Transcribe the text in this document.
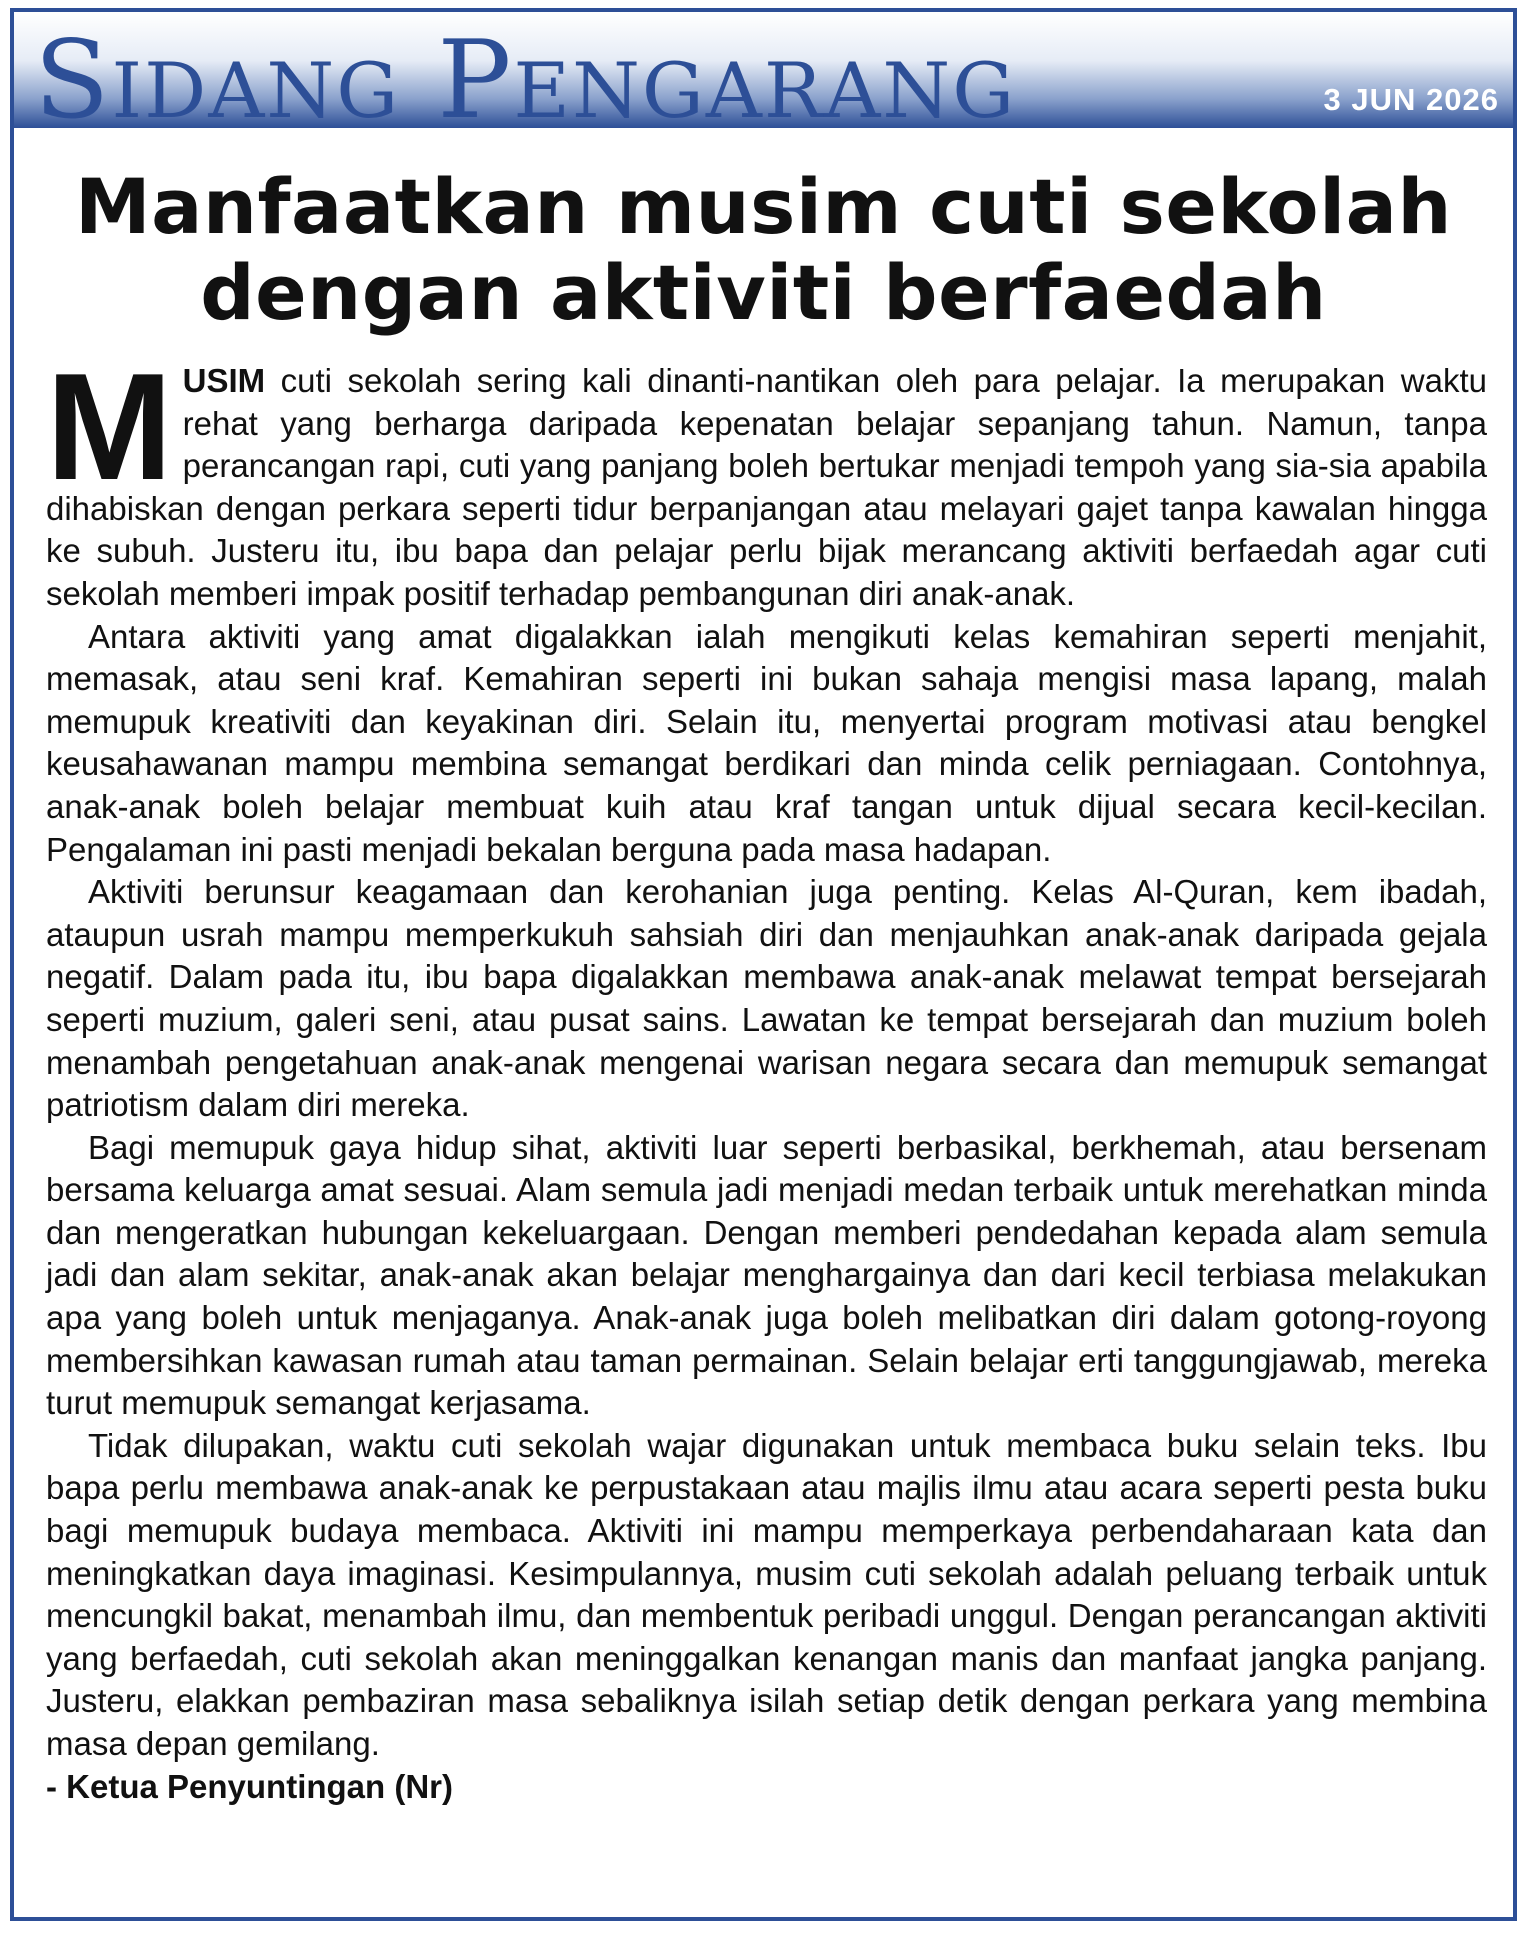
Sidang Pengarang	3 JUN 2026
Manfaatkan musim cuti sekolah
dengan aktiviti berfaedah

MUSIM cuti sekolah sering kali dinanti-nantikan oleh para pelajar. Ia merupakan waktu rehat yang berharga daripada kepenatan belajar sepanjang tahun. Namun, tanpa perancangan rapi, cuti yang panjang boleh bertukar menjadi tempoh yang sia-sia apabila dihabiskan dengan perkara seperti tidur berpanjangan atau melayari gajet tanpa kawalan hingga ke subuh. Justeru itu, ibu bapa dan pelajar perlu bijak merancang aktiviti berfaedah agar cuti sekolah memberi impak positif terhadap pembangunan diri anak-anak.

Antara aktiviti yang amat digalakkan ialah mengikuti kelas kemahiran seperti menjahit, memasak, atau seni kraf. Kemahiran seperti ini bukan sahaja mengisi masa lapang, malah memupuk kreativiti dan keyakinan diri. Selain itu, menyertai program motivasi atau bengkel keusahawanan mampu membina semangat berdikari dan minda celik perniagaan. Contohnya, anak-anak boleh belajar membuat kuih atau kraf tangan untuk dijual secara kecil-kecilan. Pengalaman ini pasti menjadi bekalan berguna pada masa hadapan.

Aktiviti berunsur keagamaan dan kerohanian juga penting. Kelas Al-Quran, kem ibadah, ataupun usrah mampu memperkukuh sahsiah diri dan menjauhkan anak-anak daripada gejala negatif. Dalam pada itu, ibu bapa digalakkan membawa anak-anak melawat tempat bersejarah seperti muzium, galeri seni, atau pusat sains. Lawatan ke tempat bersejarah dan muzium boleh menambah pengetahuan anak-anak mengenai warisan negara secara dan memupuk semangat patriotism dalam diri mereka.

Bagi memupuk gaya hidup sihat, aktiviti luar seperti berbasikal, berkhemah, atau bersenam bersama keluarga amat sesuai. Alam semula jadi menjadi medan terbaik untuk merehatkan minda dan mengeratkan hubungan kekeluargaan. Dengan memberi pendedahan kepada alam semula jadi dan alam sekitar, anak-anak akan belajar menghargainya dan dari kecil terbiasa melakukan apa yang boleh untuk menjaganya. Anak-anak juga boleh melibatkan diri dalam gotong-royong membersihkan kawasan rumah atau taman permainan. Selain belajar erti tanggungjawab, mereka turut memupuk semangat kerjasama.

Tidak dilupakan, waktu cuti sekolah wajar digunakan untuk membaca buku selain teks. Ibu bapa perlu membawa anak-anak ke perpustakaan atau majlis ilmu atau acara seperti pesta buku bagi memupuk budaya membaca. Aktiviti ini mampu memperkaya perbendaharaan kata dan meningkatkan daya imaginasi. Kesimpulannya, musim cuti sekolah adalah peluang terbaik untuk mencungkil bakat, menambah ilmu, dan membentuk peribadi unggul. Dengan perancangan aktiviti yang berfaedah, cuti sekolah akan meninggalkan kenangan manis dan manfaat jangka panjang. Justeru, elakkan pembaziran masa sebaliknya isilah setiap detik dengan perkara yang membina masa depan gemilang.

- Ketua Penyuntingan (Nr)
